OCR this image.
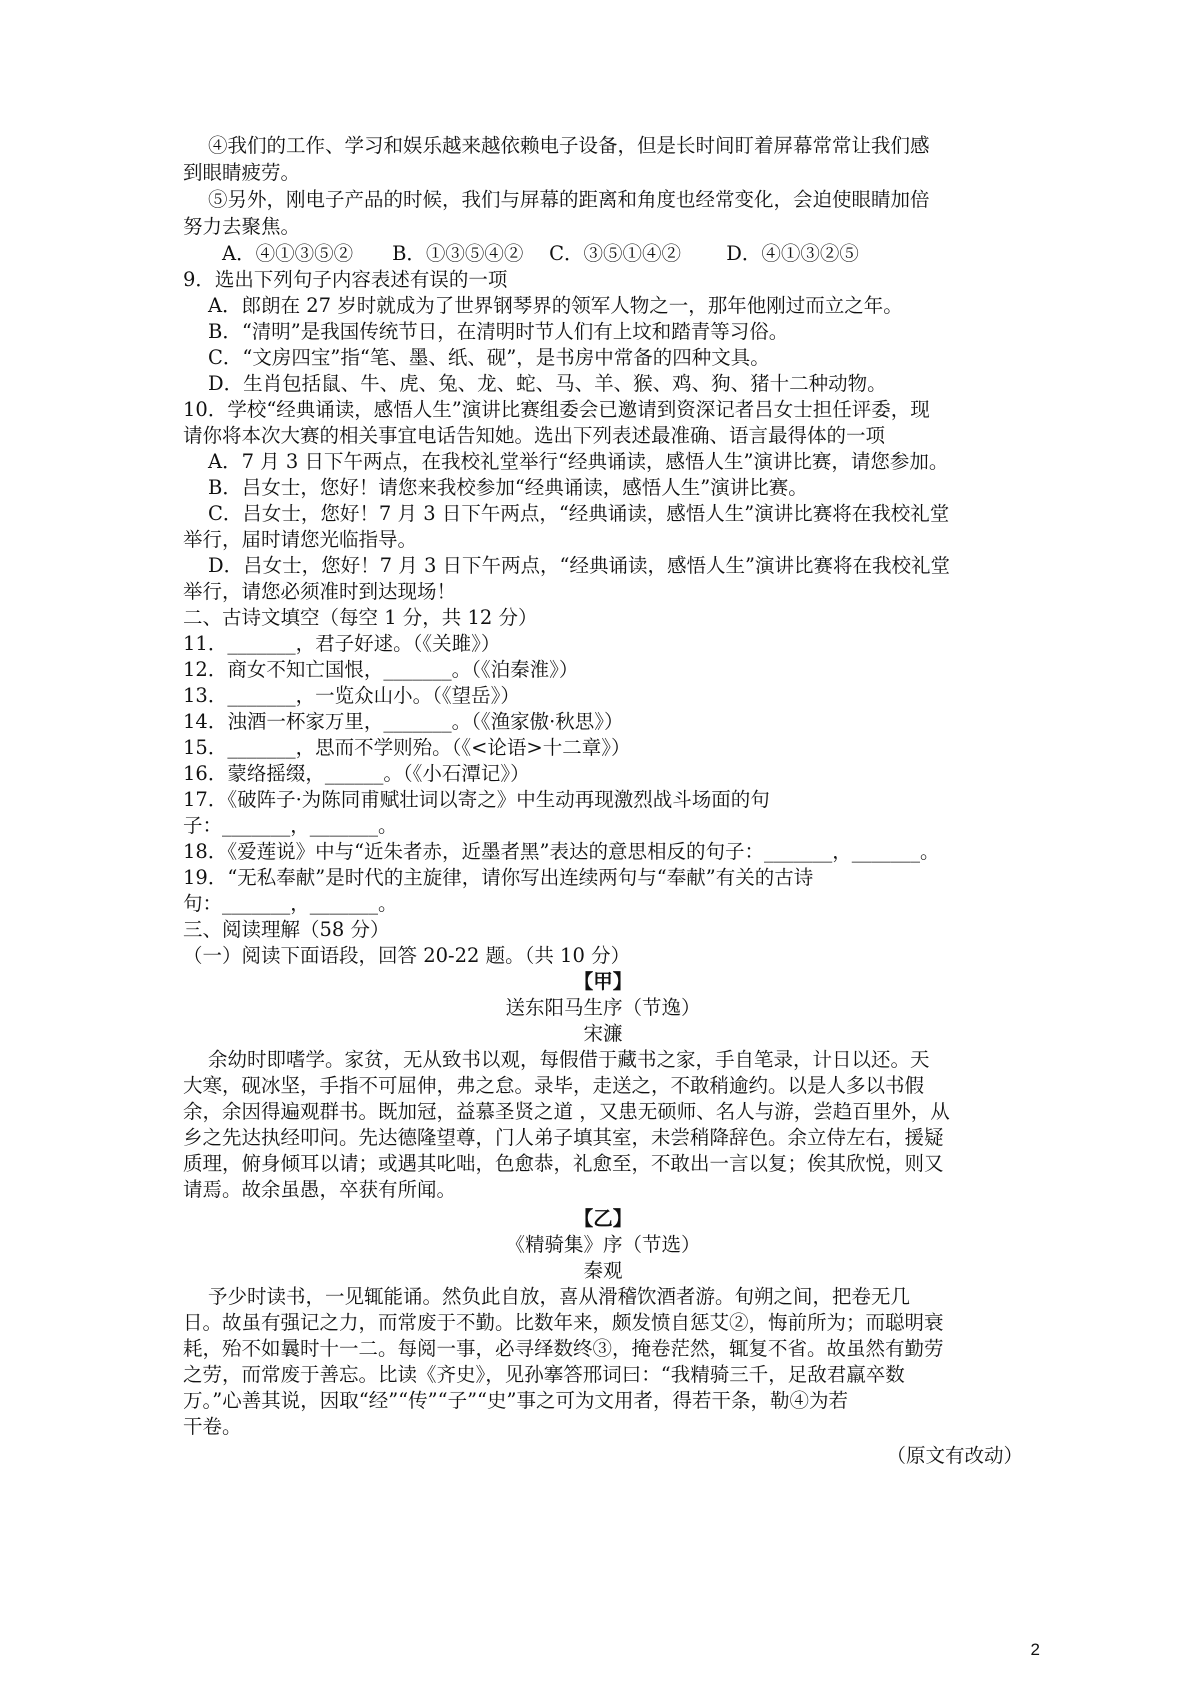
④我们的工作、学习和娱乐越来越依赖电子设备，但是长时间盯着屏幕常常让我们感
到眼睛疲劳。
⑤另外，刚电子产品的时候，我们与屏幕的距离和角度也经常变化，会迫使眼睛加倍
努力去聚焦。
A．④①③⑤②　　B．①③⑤④②　 C．③⑤①④②　　 D．④①③②⑤
9．选出下列句子内容表述有误的一项
A．郎朗在 27 岁时就成为了世界钢琴界的领军人物之一，那年他刚过而立之年。
B．“清明”是我国传统节日，在清明时节人们有上坟和踏青等习俗。
C．“文房四宝”指“笔、墨、纸、砚”，是书房中常备的四种文具。
D．生肖包括鼠、牛、虎、兔、龙、蛇、马、羊、猴、鸡、狗、猪十二种动物。
10．学校“经典诵读，感悟人生”演讲比赛组委会已邀请到资深记者吕女士担任评委，现
请你将本次大赛的相关事宜电话告知她。选出下列表述最准确、语言最得体的一项
A．7 月 3 日下午两点，在我校礼堂举行“经典诵读，感悟人生”演讲比赛，请您参加。
B．吕女士，您好！请您来我校参加“经典诵读，感悟人生”演讲比赛。
C．吕女士，您好！7 月 3 日下午两点，“经典诵读，感悟人生”演讲比赛将在我校礼堂
举行，届时请您光临指导。
D．吕女士，您好！7 月 3 日下午两点，“经典诵读，感悟人生”演讲比赛将在我校礼堂
举行，请您必须准时到达现场！
二、古诗文填空（每空 1 分，共 12 分）
11．_______，君子好逑。（《关雎》）
12．商女不知亡国恨，_______。（《泊秦淮》）
13．_______，一览众山小。（《望岳》）
14．浊酒一杯家万里，_______。（《渔家傲·秋思》）
15．_______，思而不学则殆。（《<论语>十二章》）
16．蒙络摇缀，______。（《小石潭记》）
17．《破阵子·为陈同甫赋壮词以寄之》中生动再现激烈战斗场面的句
子：_______，_______。
18．《爱莲说》中与“近朱者赤，近墨者黑”表达的意思相反的句子：_______，_______。
19．“无私奉献”是时代的主旋律，请你写出连续两句与“奉献”有关的古诗
句：_______，_______。
三、阅读理解（58 分）
（一）阅读下面语段，回答 20-22 题。（共 10 分）
【甲】
送东阳马生序（节逸）
宋濂
余幼时即嗜学。家贫，无从致书以观，每假借于藏书之家，手自笔录，计日以还。天
大寒，砚冰坚，手指不可屈伸，弗之怠。录毕，走送之，不敢稍逾约。以是人多以书假
余，余因得遍观群书。既加冠，益慕圣贤之道 ，又患无硕师、名人与游，尝趋百里外，从
乡之先达执经叩问。先达德隆望尊，门人弟子填其室，未尝稍降辞色。余立侍左右，援疑
质理，俯身倾耳以请；或遇其叱咄，色愈恭，礼愈至，不敢出一言以复；俟其欣悦，则又
请焉。故余虽愚，卒获有所闻。
【乙】
《精骑集》序（节选）
秦观
予少时读书，一见辄能诵。然负此自放，喜从滑稽饮酒者游。旬朔之间，把卷无几
日。故虽有强记之力，而常废于不勤。比数年来，颇发愤自惩艾②，悔前所为；而聪明衰
耗，殆不如曩时十一二。每阅一事，必寻绎数终③，掩卷茫然，辄复不省。故虽然有勤劳
之劳，而常废于善忘。比读《齐史》，见孙搴答邢词曰：“我精骑三千，足敌君羸卒数
万。”心善其说，因取“经”“传”“子”“史”事之可为文用者，得若干条，勒④为若
干卷。
（原文有改动）
2
